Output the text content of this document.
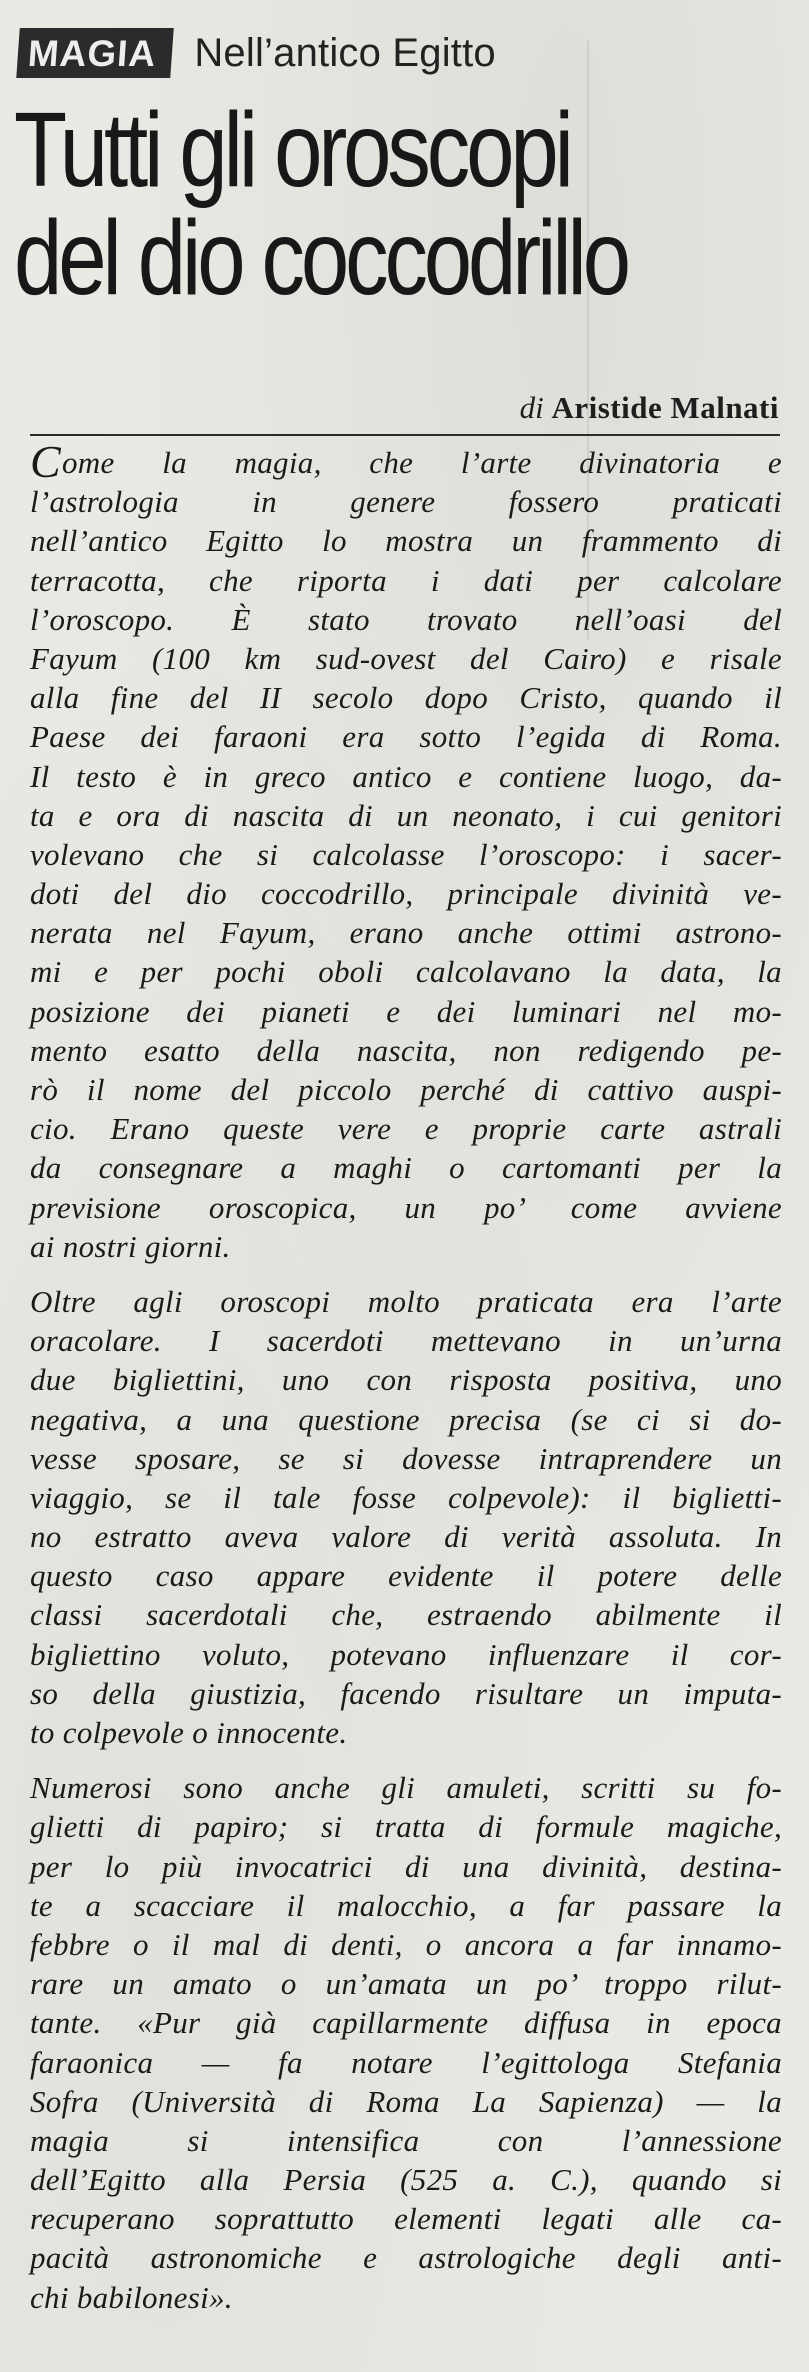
MAGIA Nell’antico Egitto
Tutti gli oroscopi
del dio coccodrillo
di Aristide Malnati
Come la magia, che l’arte divinatoria e
l’astrologia in genere fossero praticati
nell’antico Egitto lo mostra un frammento di
terracotta, che riporta i dati per calcolare
l’oroscopo. È stato trovato nell’oasi del
Fayum (100 km sud-ovest del Cairo) e risale
alla fine del II secolo dopo Cristo, quando il
Paese dei faraoni era sotto l’egida di Roma.
Il testo è in greco antico e contiene luogo, da-
ta e ora di nascita di un neonato, i cui genitori
volevano che si calcolasse l’oroscopo: i sacer-
doti del dio coccodrillo, principale divinità ve-
nerata nel Fayum, erano anche ottimi astrono-
mi e per pochi oboli calcolavano la data, la
posizione dei pianeti e dei luminari nel mo-
mento esatto della nascita, non redigendo pe-
rò il nome del piccolo perché di cattivo auspi-
cio. Erano queste vere e proprie carte astrali
da consegnare a maghi o cartomanti per la
previsione oroscopica, un po’ come avviene
ai nostri giorni.
Oltre agli oroscopi molto praticata era l’arte
oracolare. I sacerdoti mettevano in un’urna
due bigliettini, uno con risposta positiva, uno
negativa, a una questione precisa (se ci si do-
vesse sposare, se si dovesse intraprendere un
viaggio, se il tale fosse colpevole): il biglietti-
no estratto aveva valore di verità assoluta. In
questo caso appare evidente il potere delle
classi sacerdotali che, estraendo abilmente il
bigliettino voluto, potevano influenzare il cor-
so della giustizia, facendo risultare un imputa-
to colpevole o innocente.
Numerosi sono anche gli amuleti, scritti su fo-
glietti di papiro; si tratta di formule magiche,
per lo più invocatrici di una divinità, destina-
te a scacciare il malocchio, a far passare la
febbre o il mal di denti, o ancora a far innamo-
rare un amato o un’amata un po’ troppo rilut-
tante. «Pur già capillarmente diffusa in epoca
faraonica — fa notare l’egittologa Stefania
Sofra (Università di Roma La Sapienza) — la
magia si intensifica con l’annessione
dell’Egitto alla Persia (525 a. C.), quando si
recuperano soprattutto elementi legati alle ca-
pacità astronomiche e astrologiche degli anti-
chi babilonesi».
